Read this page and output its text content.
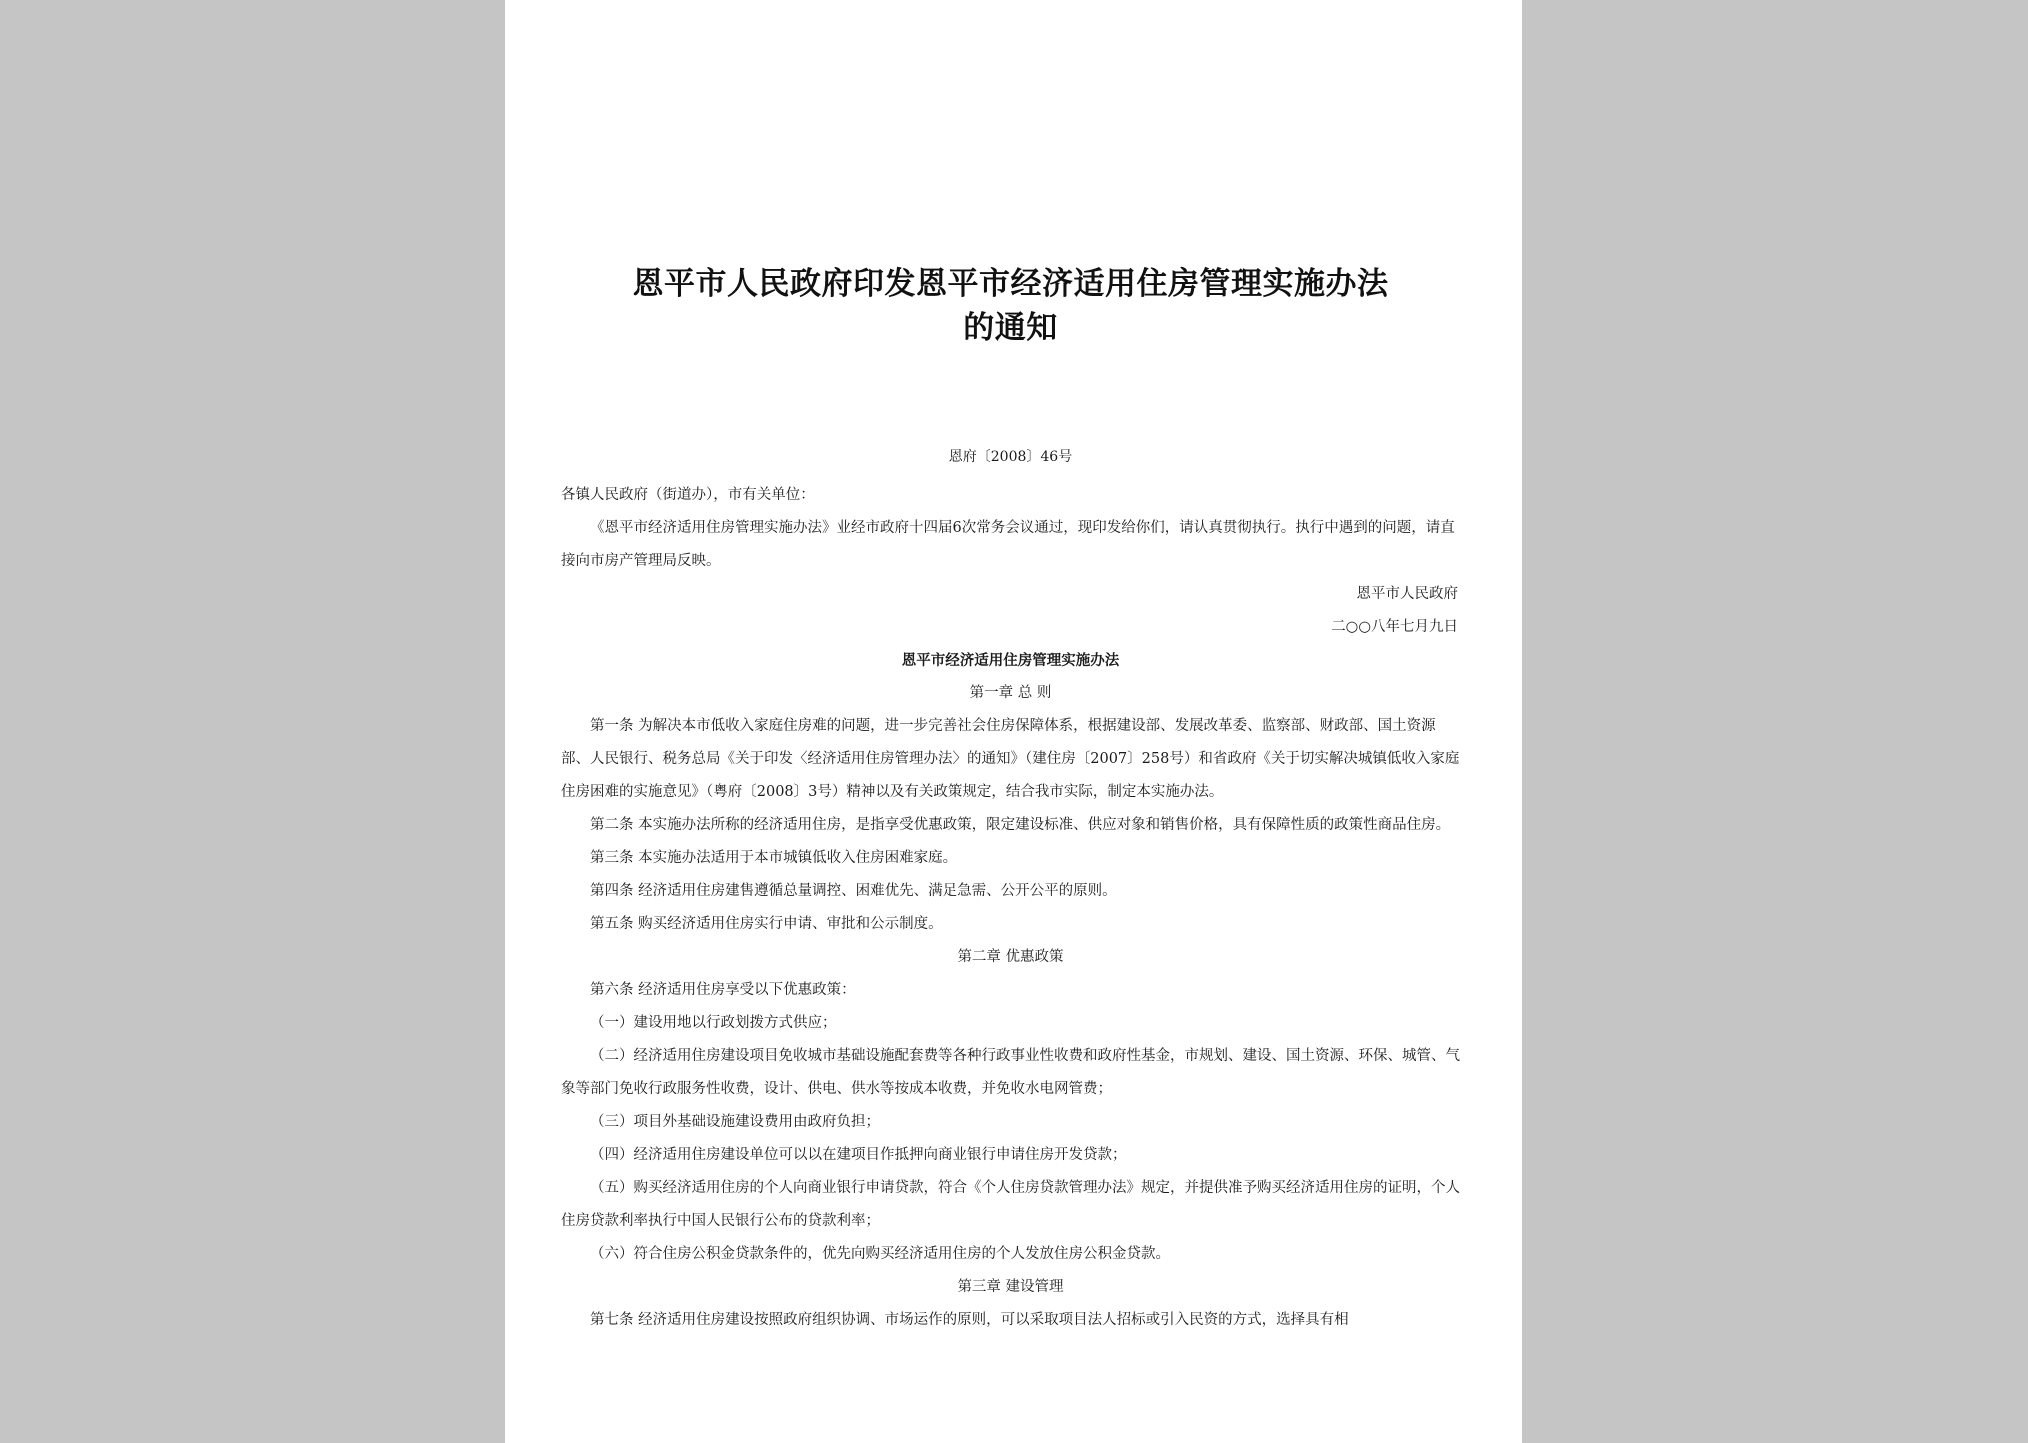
恩平市人民政府印发恩平市经济适用住房管理实施办法
的通知
恩府〔2008〕46号

各镇人民政府（街道办），市有关单位：

《恩平市经济适用住房管理实施办法》业经市政府十四届6次常务会议通过，现印发给你们，请认真贯彻执行。执行中遇到的问题，请直接向市房产管理局反映。

恩平市人民政府

二○○八年七月九日

恩平市经济适用住房管理实施办法

第一章 总 则

第一条 为解决本市低收入家庭住房难的问题，进一步完善社会住房保障体系，根据建设部、发展改革委、监察部、财政部、国土资源部、人民银行、税务总局《关于印发〈经济适用住房管理办法〉的通知》（建住房〔2007〕258号）和省政府《关于切实解决城镇低收入家庭住房困难的实施意见》（粤府〔2008〕3号）精神以及有关政策规定，结合我市实际，制定本实施办法。

第二条 本实施办法所称的经济适用住房，是指享受优惠政策，限定建设标准、供应对象和销售价格，具有保障性质的政策性商品住房。

第三条 本实施办法适用于本市城镇低收入住房困难家庭。

第四条 经济适用住房建售遵循总量调控、困难优先、满足急需、公开公平的原则。

第五条 购买经济适用住房实行申请、审批和公示制度。

第二章 优惠政策

第六条 经济适用住房享受以下优惠政策：

（一）建设用地以行政划拨方式供应；

（二）经济适用住房建设项目免收城市基础设施配套费等各种行政事业性收费和政府性基金，市规划、建设、国土资源、环保、城管、气象等部门免收行政服务性收费，设计、供电、供水等按成本收费，并免收水电网管费；

（三）项目外基础设施建设费用由政府负担；

（四）经济适用住房建设单位可以以在建项目作抵押向商业银行申请住房开发贷款；

（五）购买经济适用住房的个人向商业银行申请贷款，符合《个人住房贷款管理办法》规定，并提供准予购买经济适用住房的证明，个人住房贷款利率执行中国人民银行公布的贷款利率；

（六）符合住房公积金贷款条件的，优先向购买经济适用住房的个人发放住房公积金贷款。

第三章 建设管理

第七条 经济适用住房建设按照政府组织协调、市场运作的原则，可以采取项目法人招标或引入民资的方式，选择具有相
